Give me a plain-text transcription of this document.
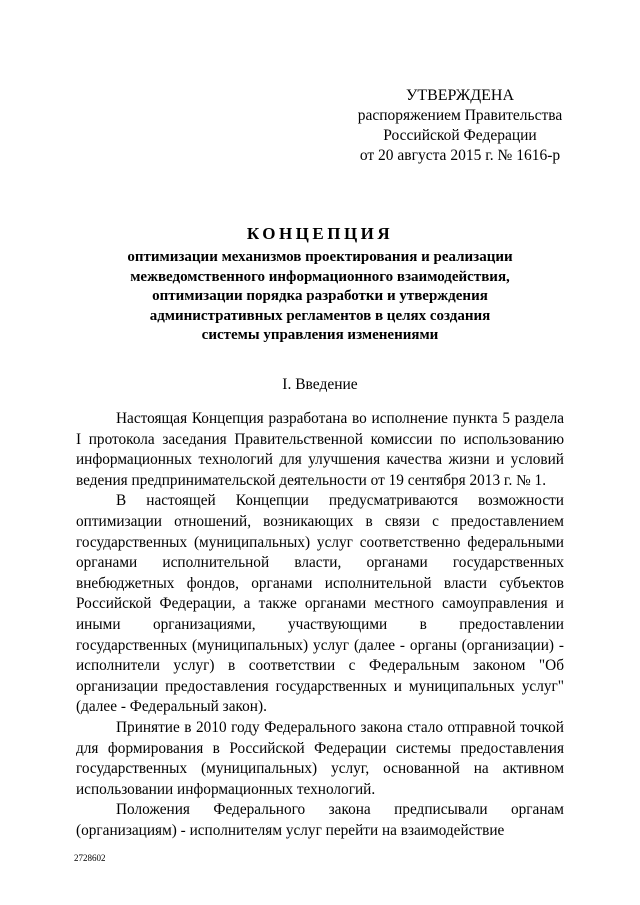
УТВЕРЖДЕНА
распоряжением Правительства
Российской Федерации
от 20 августа 2015 г. № 1616-р
КОНЦЕПЦИЯ
оптимизации механизмов проектирования и реализации
межведомственного информационного взаимодействия,
оптимизации порядка разработки и утверждения
административных регламентов в целях создания
системы управления изменениями
I. Введение

Настоящая Концепция разработана во исполнение пункта 5 раздела I протокола заседания Правительственной комиссии по использованию информационных технологий для улучшения качества жизни и условий ведения предпринимательской деятельности от 19 сентября 2013 г. № 1.

В настоящей Концепции предусматриваются возможности оптимизации отношений, возникающих в связи с предоставлением государственных (муниципальных) услуг соответственно федеральными органами исполнительной власти, органами государственных внебюджетных фондов, органами исполнительной власти субъектов Российской Федерации, а также органами местного самоуправления и иными организациями, участвующими в предоставлении государственных (муниципальных) услуг (далее - органы (организации) - исполнители услуг) в соответствии с Федеральным законом "Об организации предоставления государственных и муниципальных услуг" (далее - Федеральный закон).

Принятие в 2010 году Федерального закона стало отправной точкой для формирования в Российской Федерации системы предоставления государственных (муниципальных) услуг, основанной на активном использовании информационных технологий.

Положения Федерального закона предписывали органам (организациям) - исполнителям услуг перейти на взаимодействие

2728602
